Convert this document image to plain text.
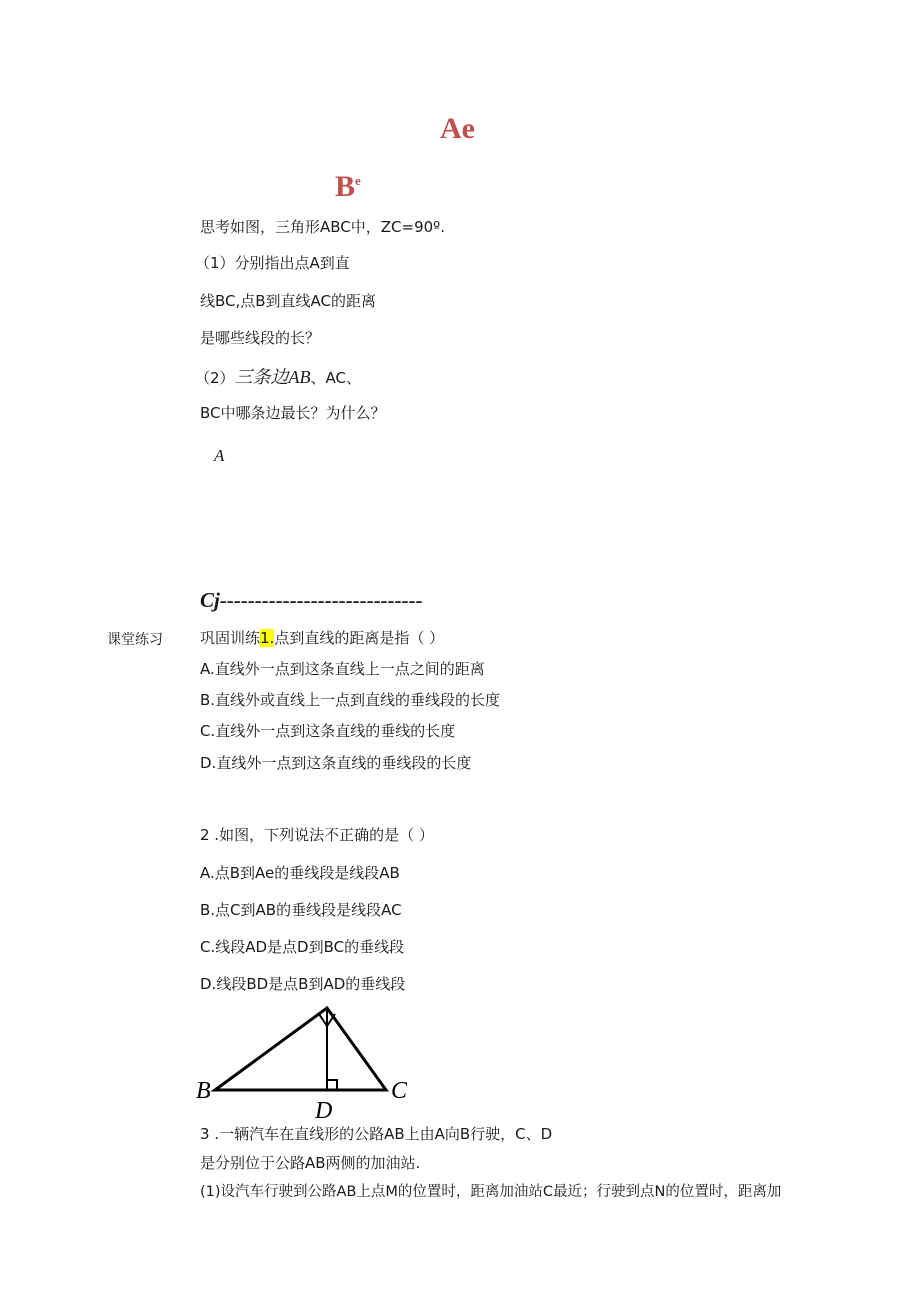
Ae
$B^e$
思考如图，三角形ABC中，ZC=90º.
（1）分别指出点A到直
线BC,点B到直线AC的距离
是哪些线段的长？
（2）三条边AB、AC、
BC中哪条边最长？为什么？
A
Cj-----------------------------
课堂练习 巩固训练1.点到直线的距离是指（ ）
A.直线外一点到这条直线上一点之间的距离
B.直线外或直线上一点到直线的垂线段的长度
C.直线外一点到这条直线的垂线的长度
D.直线外一点到这条直线的垂线段的长度
2 .如图，下列说法不正确的是（ ）
A.点B到Ae的垂线段是线段AB
B.点C到AB的垂线段是线段AC
C.线段AD是点D到BC的垂线段
D.线段BD是点B到AD的垂线段
B	C
D
3 .一辆汽车在直线形的公路AB上由A向B行驶，C、D
是分别位于公路AB两侧的加油站.
(1)设汽车行驶到公路AB上点M的位置时，距离加油站C最近；行驶到点N的位置时，距离加
